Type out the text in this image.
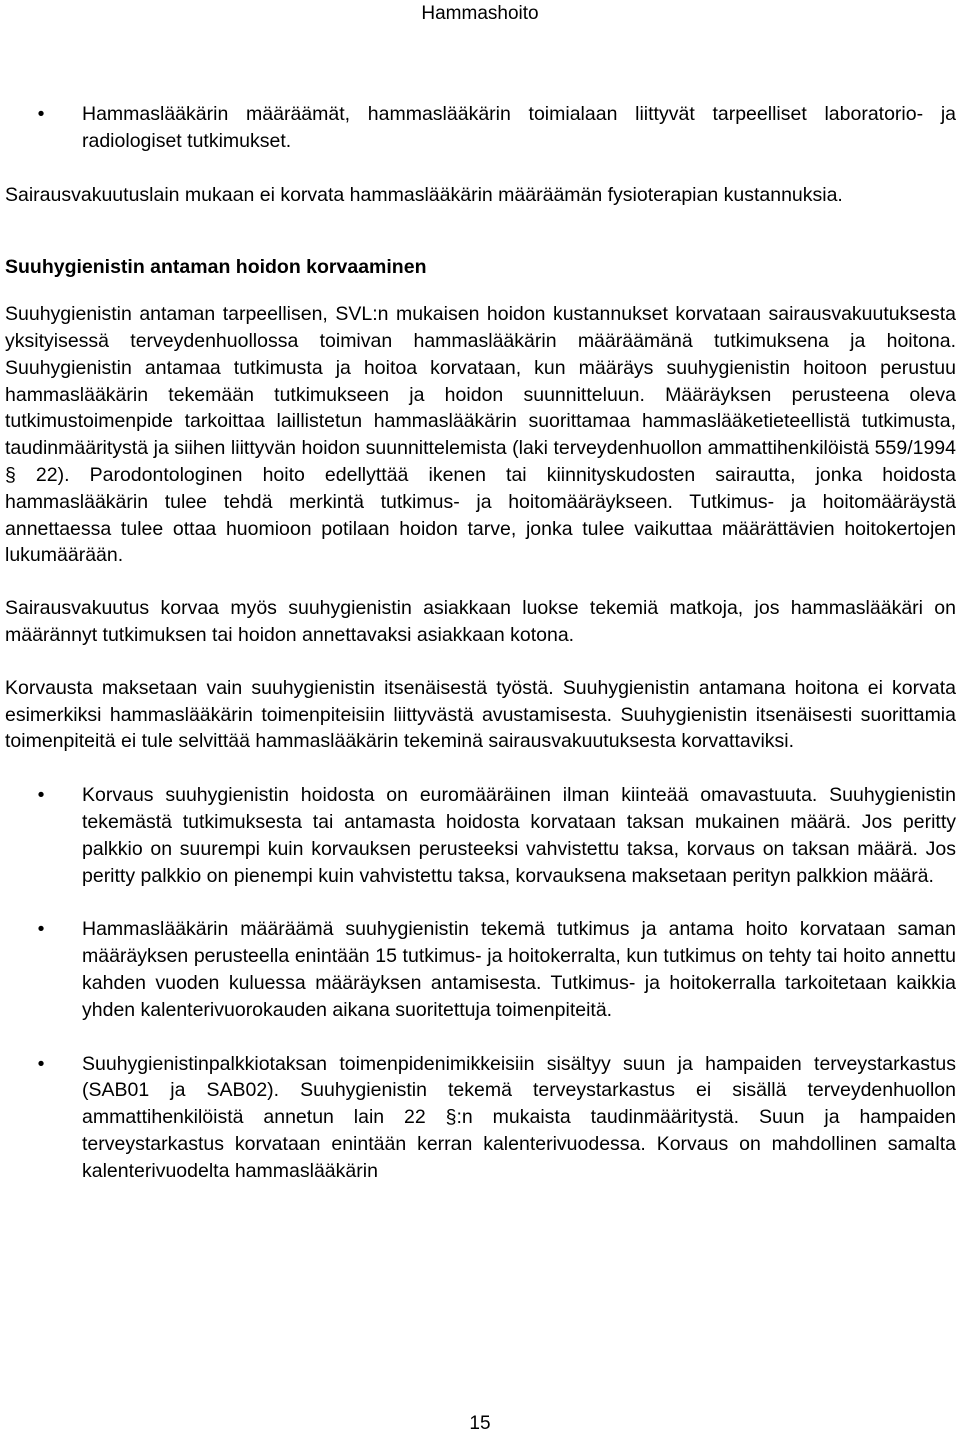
Hammashoito
•	Hammaslääkärin määräämät, hammaslääkärin toimialaan liittyvät tarpeelliset laboratorio- ja radiologiset tutkimukset.

Sairausvakuutuslain mukaan ei korvata hammaslääkärin määräämän fysioterapian kustannuksia.

Suuhygienistin antaman hoidon korvaaminen

Suuhygienistin antaman tarpeellisen, SVL:n mukaisen hoidon kustannukset korvataan sairausvakuutuksesta yksityisessä terveydenhuollossa toimivan hammaslääkärin määräämänä tutkimuksena ja hoitona. Suuhygienistin antamaa tutkimusta ja hoitoa korvataan, kun määräys suuhygienistin hoitoon perustuu hammaslääkärin tekemään tutkimukseen ja hoidon suunnitteluun. Määräyksen perusteena oleva tutkimustoimenpide tarkoittaa laillistetun hammaslääkärin suorittamaa hammaslääketieteellistä tutkimusta, taudinmääritystä ja siihen liittyvän hoidon suunnittelemista (laki terveydenhuollon ammattihenkilöistä 559/1994 § 22). Parodontologinen hoito edellyttää ikenen tai kiinnityskudosten sairautta, jonka hoidosta hammaslääkärin tulee tehdä merkintä tutkimus- ja hoitomääräykseen. Tutkimus- ja hoitomääräystä annettaessa tulee ottaa huomioon potilaan hoidon tarve, jonka tulee vaikuttaa määrättävien hoitokertojen lukumäärään.

Sairausvakuutus korvaa myös suuhygienistin asiakkaan luokse tekemiä matkoja, jos hammaslääkäri on määrännyt tutkimuksen tai hoidon annettavaksi asiakkaan kotona.

Korvausta maksetaan vain suuhygienistin itsenäisestä työstä. Suuhygienistin antamana hoitona ei korvata esimerkiksi hammaslääkärin toimenpiteisiin liittyvästä avustamisesta. Suuhygienistin itsenäisesti suorittamia toimenpiteitä ei tule selvittää hammaslääkärin tekeminä sairausvakuutuksesta korvattaviksi.

•	Korvaus suuhygienistin hoidosta on euromääräinen ilman kiinteää omavastuuta. Suuhygienistin tekemästä tutkimuksesta tai antamasta hoidosta korvataan taksan mukainen määrä. Jos peritty palkkio on suurempi kuin korvauksen perusteeksi vahvistettu taksa, korvaus on taksan määrä. Jos peritty palkkio on pienempi kuin vahvistettu taksa, korvauksena maksetaan perityn palkkion määrä.
•	Hammaslääkärin määräämä suuhygienistin tekemä tutkimus ja antama hoito korvataan saman määräyksen perusteella enintään 15 tutkimus- ja hoitokerralta, kun tutkimus on tehty tai hoito annettu kahden vuoden kuluessa määräyksen antamisesta. Tutkimus- ja hoitokerralla tarkoitetaan kaikkia yhden kalenterivuorokauden aikana suoritettuja toimenpiteitä.
•	Suuhygienistinpalkkiotaksan toimenpidenimikkeisiin sisältyy suun ja hampaiden terveystarkastus (SAB01 ja SAB02). Suuhygienistin tekemä terveystarkastus ei sisällä terveydenhuollon ammattihenkilöistä annetun lain 22 §:n mukaista taudinmääritystä. Suun ja hampaiden terveystarkastus korvataan enintään kerran kalenterivuodessa. Korvaus on mahdollinen samalta kalenterivuodelta hammaslääkärin
15
